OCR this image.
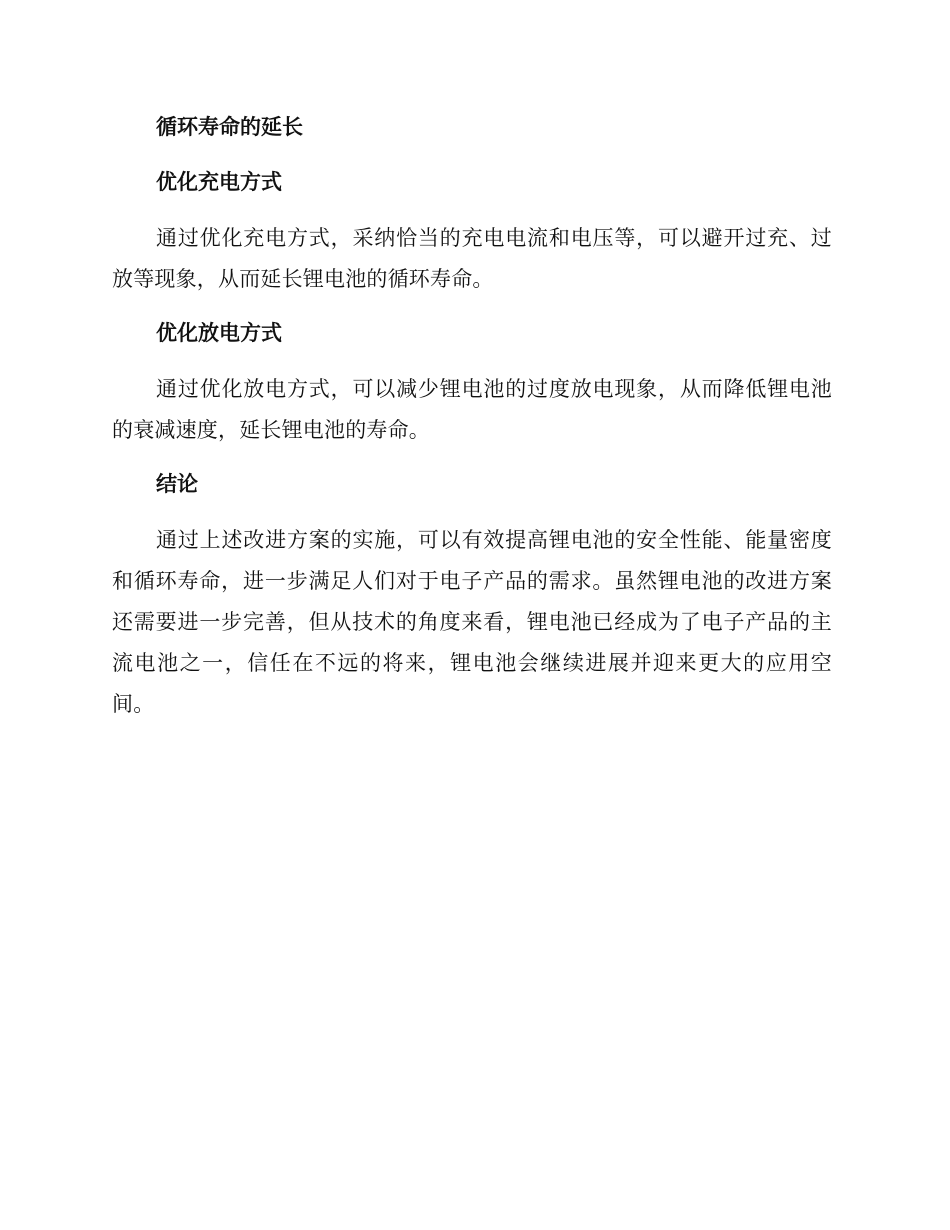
循环寿命的延长
优化充电方式

通过优化充电方式，采纳恰当的充电电流和电压等，可以避开过充、过放等现象，从而延长锂电池的循环寿命。

优化放电方式

通过优化放电方式，可以减少锂电池的过度放电现象，从而降低锂电池的衰减速度，延长锂电池的寿命。

结论

通过上述改进方案的实施，可以有效提高锂电池的安全性能、能量密度和循环寿命，进一步满足人们对于电子产品的需求。虽然锂电池的改进方案还需要进一步完善，但从技术的角度来看，锂电池已经成为了电子产品的主流电池之一，信任在不远的将来，锂电池会继续进展并迎来更大的应用空间。
